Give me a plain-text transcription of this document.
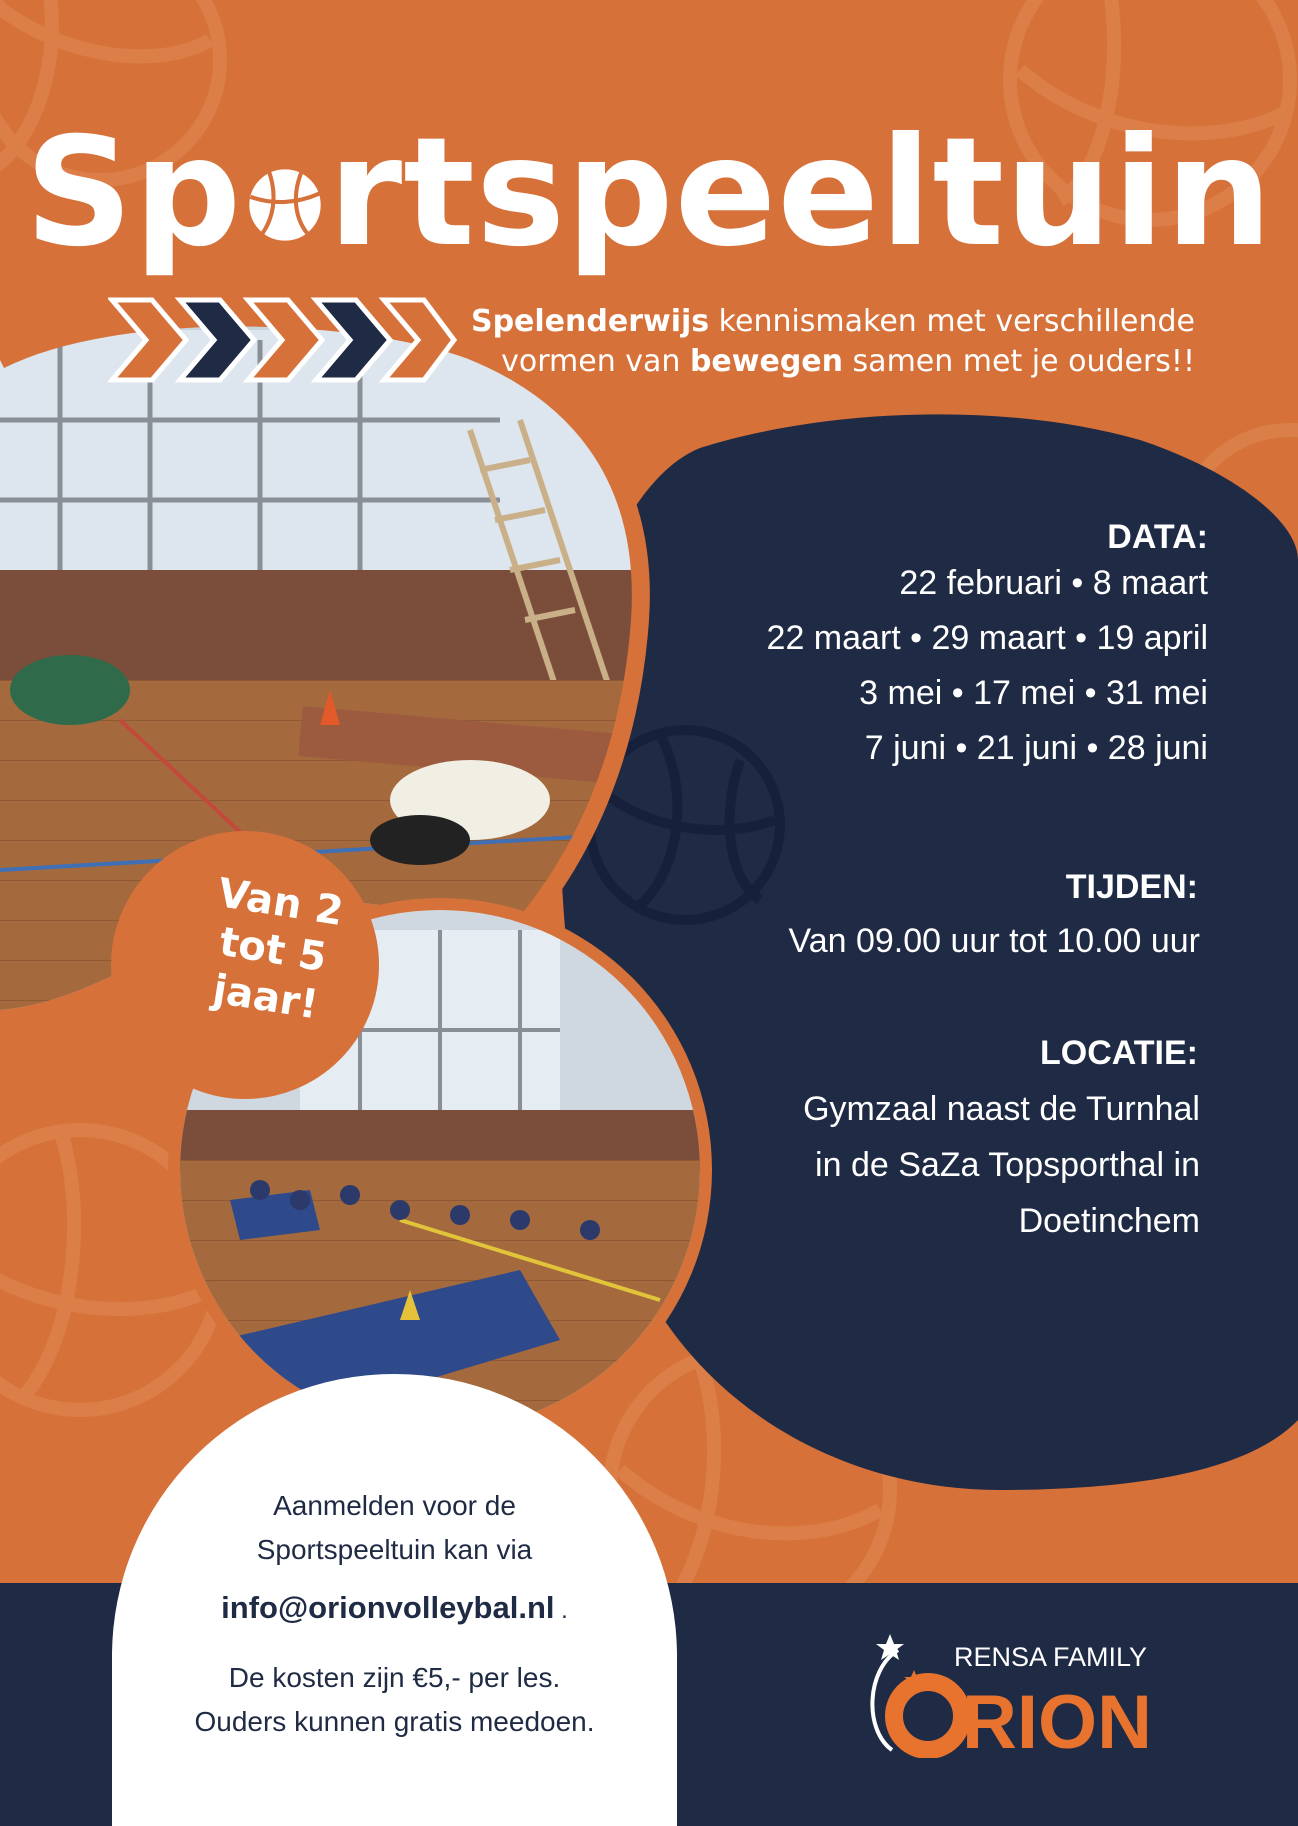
Sp rtspeeltuin
Spelenderwijs kennismaken met verschillende
vormen van bewegen samen met je ouders!!
DATA:
22 februari • 8 maart
22 maart • 29 maart • 19 april
3 mei • 17 mei • 31 mei
7 juni • 21 juni • 28 juni
TIJDEN:
Van 09.00 uur tot 10.00 uur
LOCATIE:
Gymzaal naast de Turnhal
in de SaZa Topsporthal in
Doetinchem
Van 2
tot 5
jaar!
Aanmelden voor de
Sportspeeltuin kan via
info@orionvolleybal.nl .
De kosten zijn €5,- per les.
Ouders kunnen gratis meedoen.
RENSA FAMILY
RION
